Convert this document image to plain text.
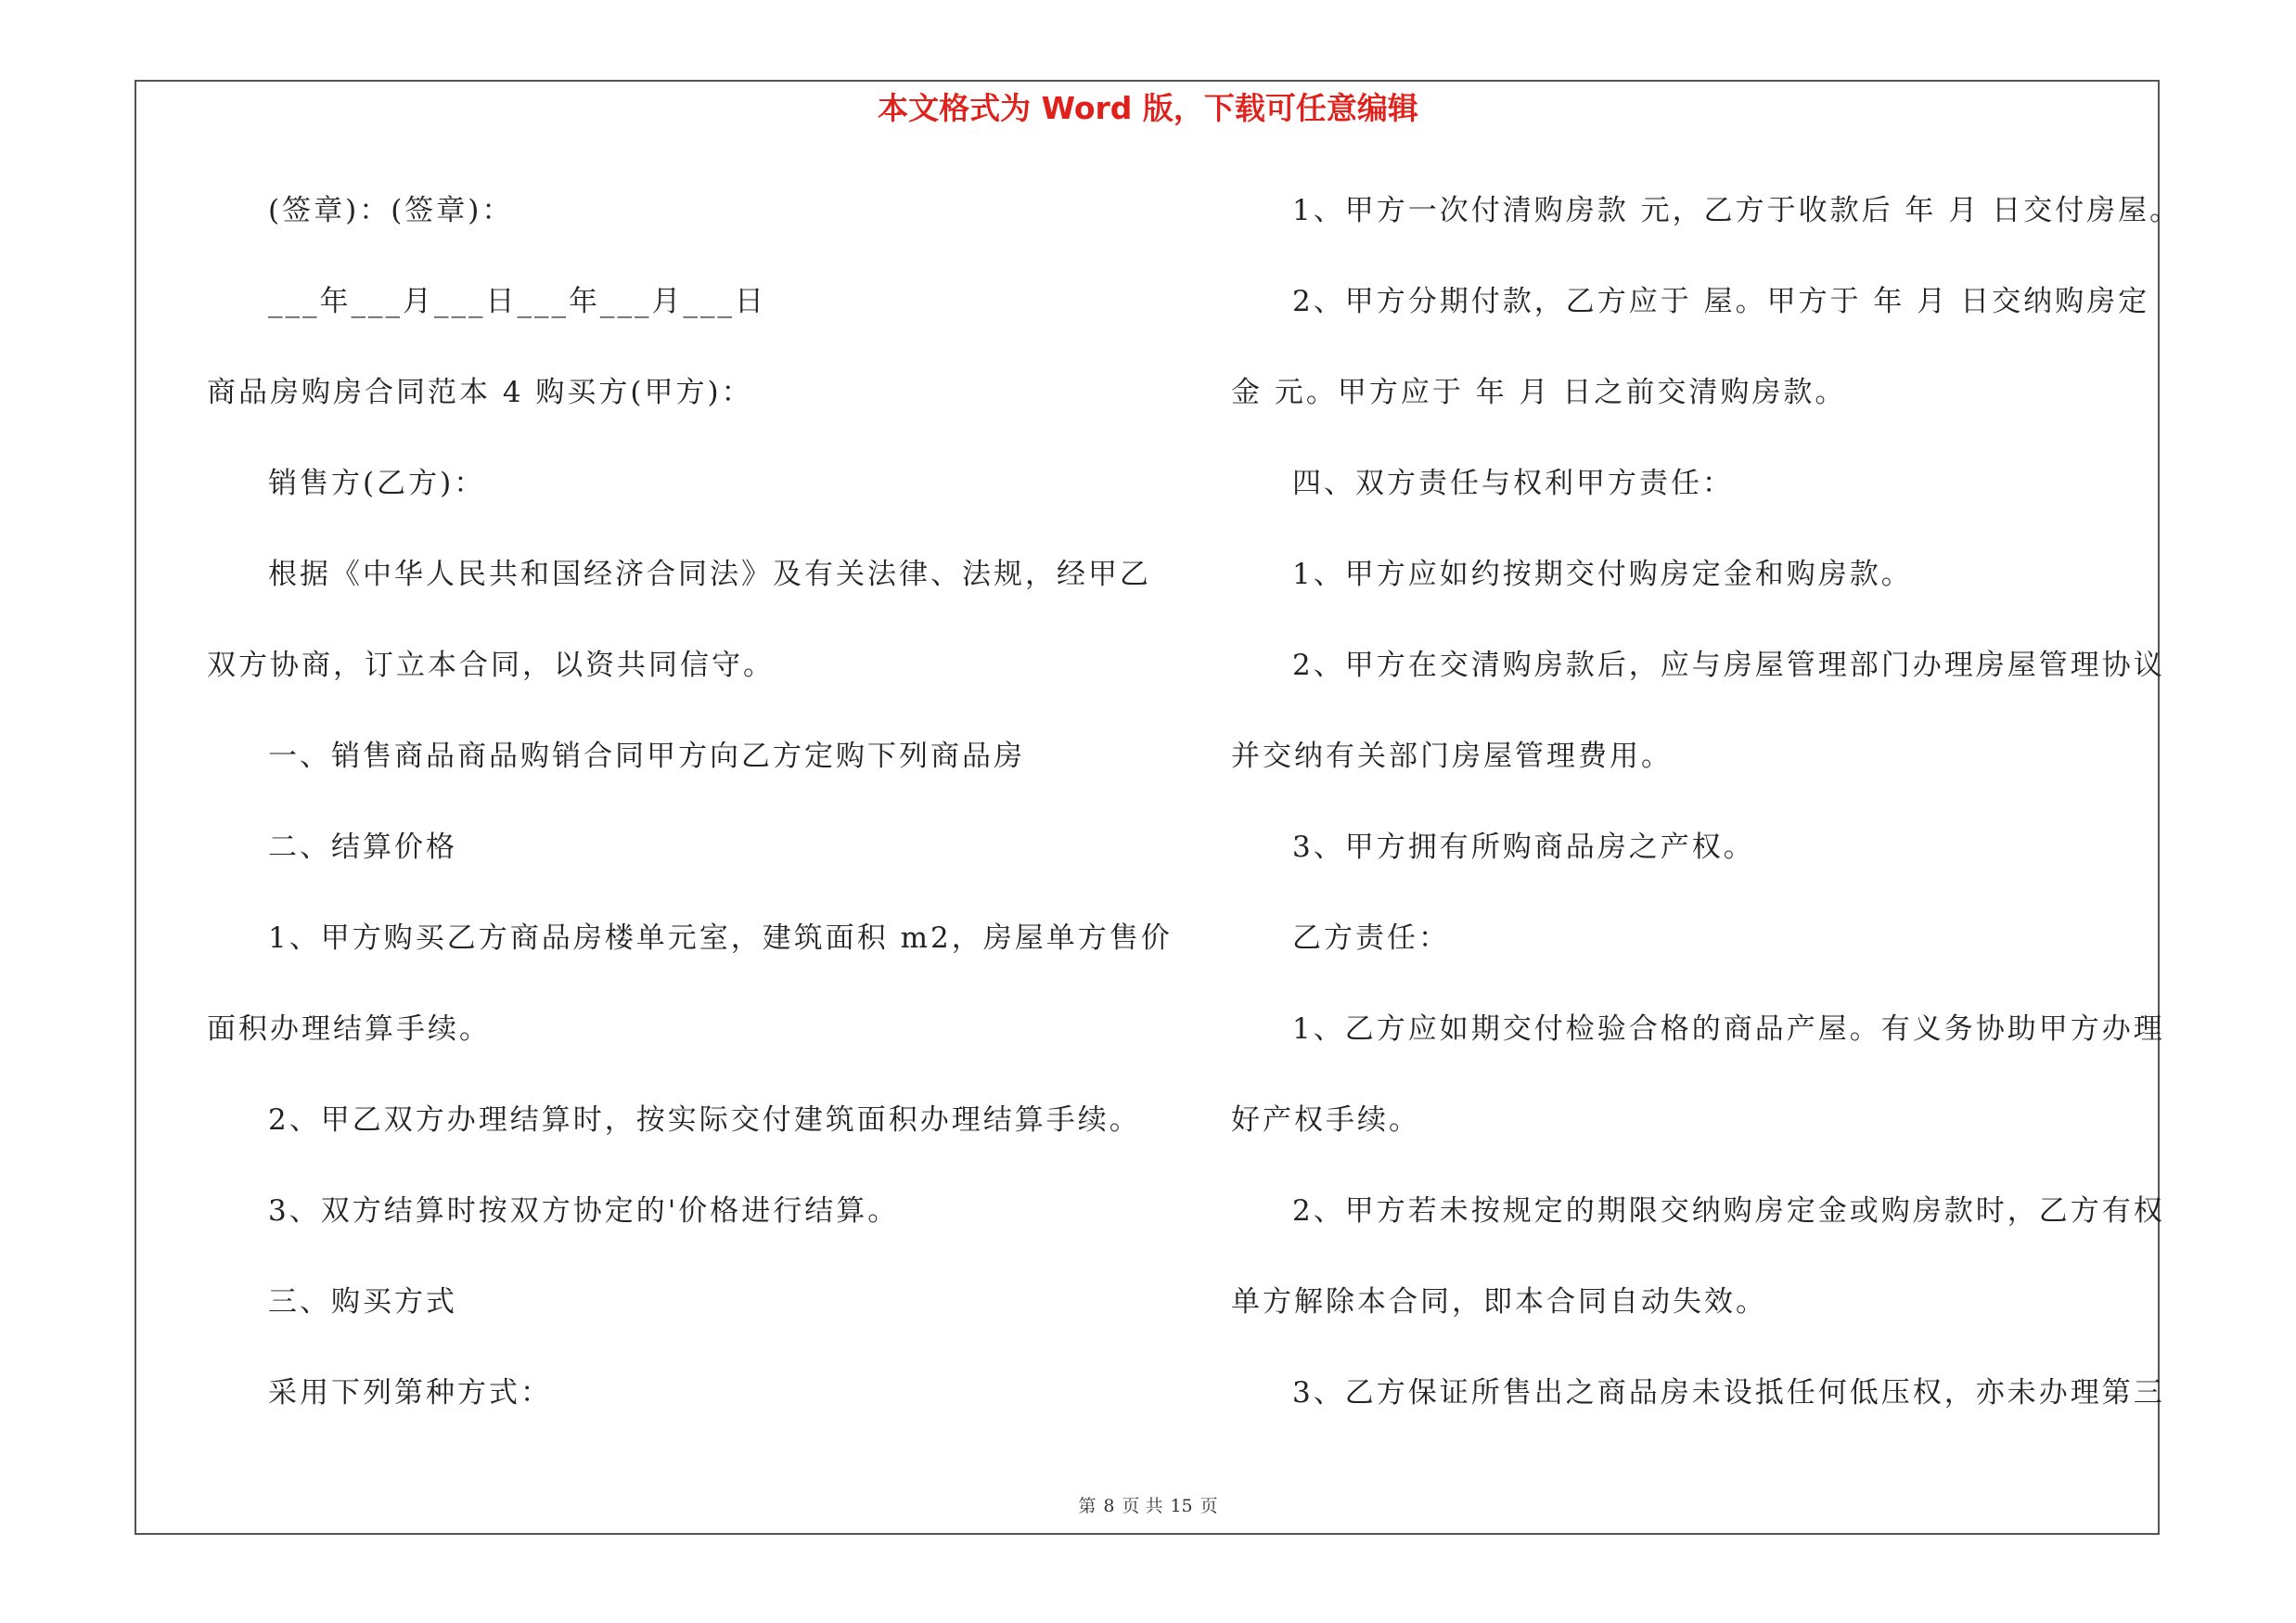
本文格式为 Word 版，下载可任意编辑
(签章)：(签章)：
___年___月___日___年___月___日
商品房购房合同范本 4 购买方(甲方)：
销售方(乙方)：
根据《中华人民共和国经济合同法》及有关法律、法规，经甲乙
双方协商，订立本合同，以资共同信守。
一、销售商品商品购销合同甲方向乙方定购下列商品房
二、结算价格
1、甲方购买乙方商品房楼单元室，建筑面积 m2，房屋单方售价
面积办理结算手续。
2、甲乙双方办理结算时，按实际交付建筑面积办理结算手续。
3、双方结算时按双方协定的'价格进行结算。
三、购买方式
采用下列第种方式：
1、甲方一次付清购房款 元，乙方于收款后 年 月 日交付房屋。
2、甲方分期付款，乙方应于 屋。甲方于 年 月 日交纳购房定
金 元。甲方应于 年 月 日之前交清购房款。
四、双方责任与权利甲方责任：
1、甲方应如约按期交付购房定金和购房款。
2、甲方在交清购房款后，应与房屋管理部门办理房屋管理协议
并交纳有关部门房屋管理费用。
3、甲方拥有所购商品房之产权。
乙方责任：
1、乙方应如期交付检验合格的商品产屋。有义务协助甲方办理
好产权手续。
2、甲方若未按规定的期限交纳购房定金或购房款时，乙方有权
单方解除本合同，即本合同自动失效。
3、乙方保证所售出之商品房未设抵任何低压权，亦未办理第三
第 8 页 共 15 页
